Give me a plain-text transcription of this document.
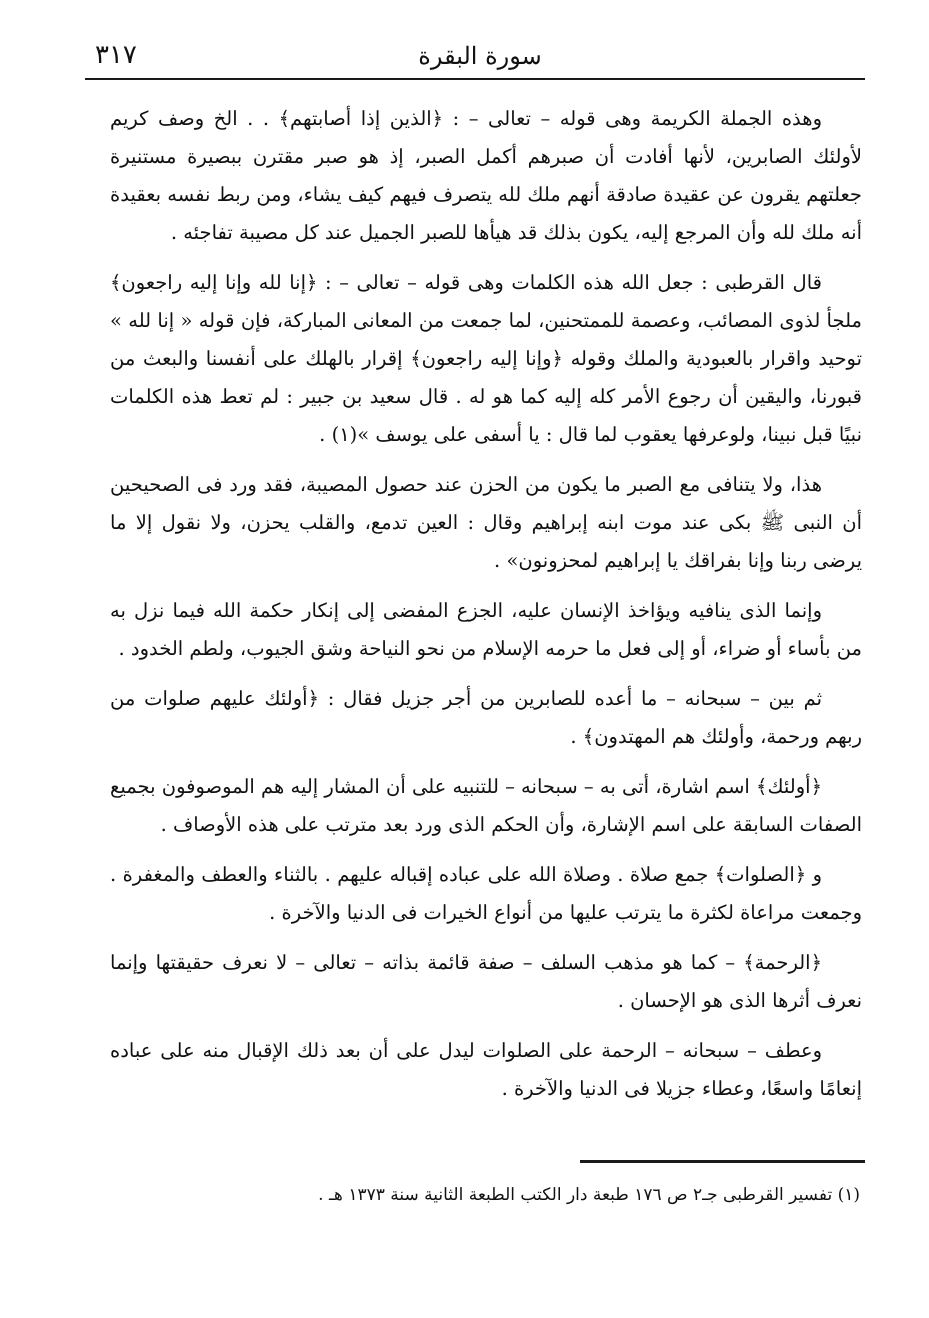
٣١٧	سورة البقرة

وهذه الجملة الكريمة وهى قوله – تعالى – : ﴿الذين إذا أصابتهم﴾ . . الخ وصف كريم لأولئك الصابرين، لأنها أفادت أن صبرهم أكمل الصبر، إذ هو صبر مقترن ببصيرة مستنيرة جعلتهم يقرون عن عقيدة صادقة أنهم ملك لله يتصرف فيهم كيف يشاء، ومن ربط نفسه بعقيدة أنه ملك لله وأن المرجع إليه، يكون بذلك قد هيأها للصبر الجميل عند كل مصيبة تفاجئه .

قال القرطبى : جعل الله هذه الكلمات وهى قوله – تعالى – : ﴿إنا لله وإنا إليه راجعون﴾ ملجأ لذوى المصائب، وعصمة للممتحنين، لما جمعت من المعانى المباركة، فإن قوله « إنا لله » توحيد واقرار بالعبودية والملك وقوله ﴿وإنا إليه راجعون﴾ إقرار بالهلك على أنفسنا والبعث من قبورنا، واليقين أن رجوع الأمر كله إليه كما هو له . قال سعيد بن جبير : لم تعط هذه الكلمات نبيًا قبل نبينا، ولوعرفها يعقوب لما قال : يا أسفى على يوسف »(١) .

هذا، ولا يتنافى مع الصبر ما يكون من الحزن عند حصول المصيبة، فقد ورد فى الصحيحين أن النبى ﷺ بكى عند موت ابنه إبراهيم وقال : العين تدمع، والقلب يحزن، ولا نقول إلا ما يرضى ربنا وإنا بفراقك يا إبراهيم لمحزونون» .

وإنما الذى ينافيه ويؤاخذ الإنسان عليه، الجزع المفضى إلى إنكار حكمة الله فيما نزل به من بأساء أو ضراء، أو إلى فعل ما حرمه الإسلام من نحو النياحة وشق الجيوب، ولطم الخدود .

ثم بين – سبحانه – ما أعده للصابرين من أجر جزيل فقال : ﴿أولئك عليهم صلوات من ربهم ورحمة، وأولئك هم المهتدون﴾ .

﴿أولئك﴾ اسم اشارة، أتى به – سبحانه – للتنبيه على أن المشار إليه هم الموصوفون بجميع الصفات السابقة على اسم الإشارة، وأن الحكم الذى ورد بعد مترتب على هذه الأوصاف .

و ﴿الصلوات﴾ جمع صلاة . وصلاة الله على عباده إقباله عليهم . بالثناء والعطف والمغفرة . وجمعت مراعاة لكثرة ما يترتب عليها من أنواع الخيرات فى الدنيا والآخرة .

﴿الرحمة﴾ – كما هو مذهب السلف – صفة قائمة بذاته – تعالى – لا نعرف حقيقتها وإنما نعرف أثرها الذى هو الإحسان .

وعطف – سبحانه – الرحمة على الصلوات ليدل على أن بعد ذلك الإقبال منه على عباده إنعامًا واسعًا، وعطاء جزيلا فى الدنيا والآخرة .

(١) تفسير القرطبى جـ٢ ص ١٧٦ طبعة دار الكتب الطبعة الثانية سنة ١٣٧٣ هـ .
